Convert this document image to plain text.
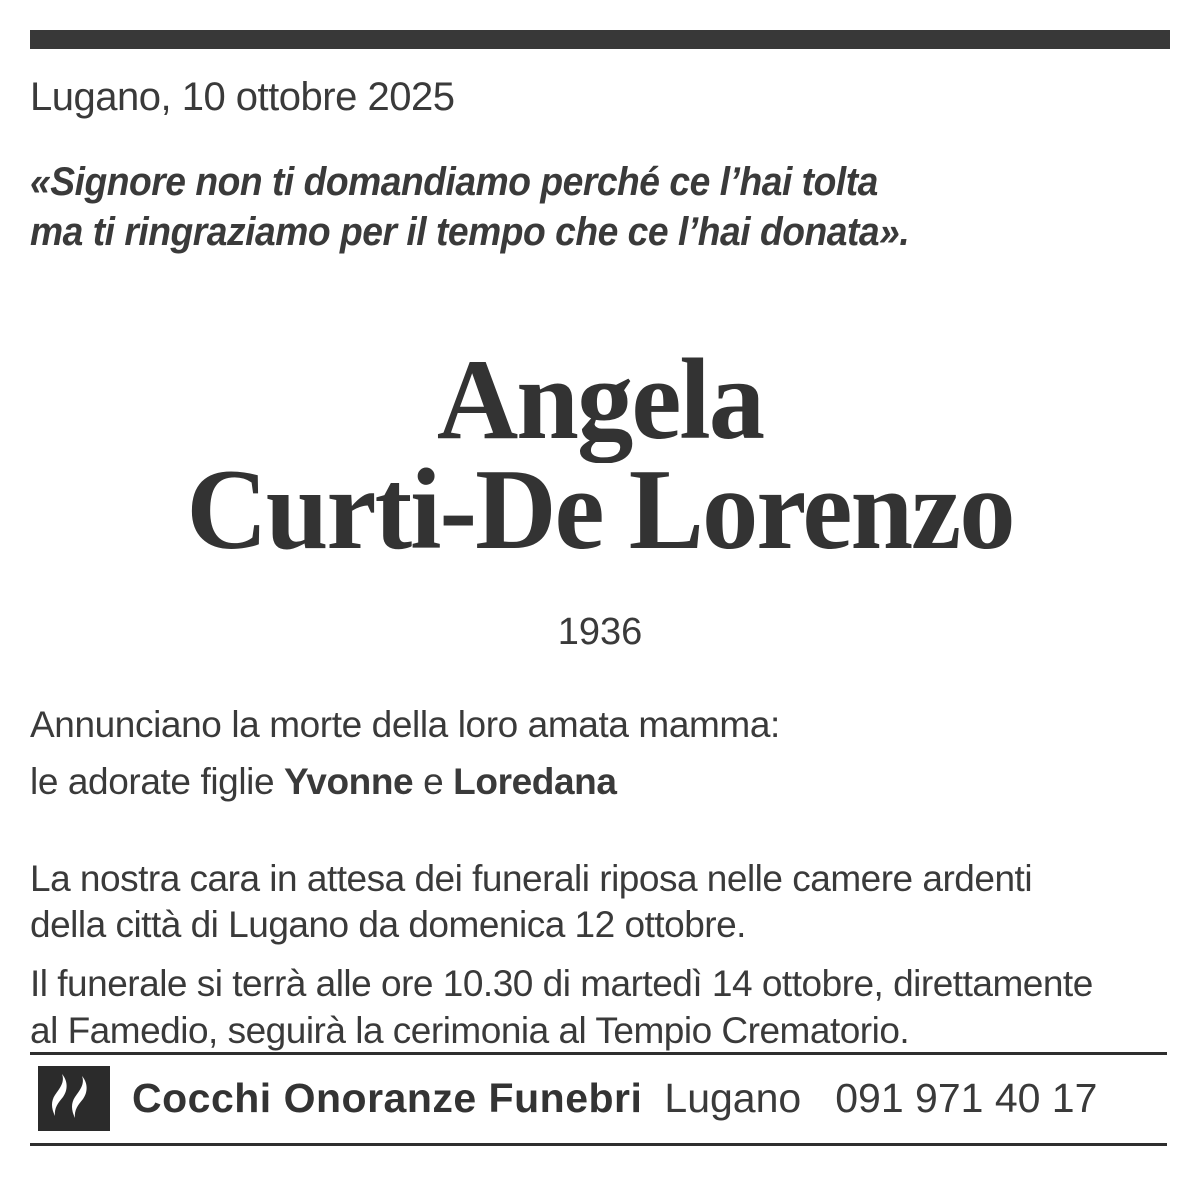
Lugano, 10 ottobre 2025
«Signore non ti domandiamo perché ce l’hai tolta
ma ti ringraziamo per il tempo che ce l’hai donata».
Angela
Curti-De Lorenzo
1936
Annunciano la morte della loro amata mamma:
le adorate figlie Yvonne e Loredana
La nostra cara in attesa dei funerali riposa nelle camere ardenti
della città di Lugano da domenica 12 ottobre.
Il funerale si terrà alle ore 10.30 di martedì 14 ottobre, direttamente
al Famedio, seguirà la cerimonia al Tempio Crematorio.
Cocchi Onoranze Funebri Lugano 091 971 40 17
